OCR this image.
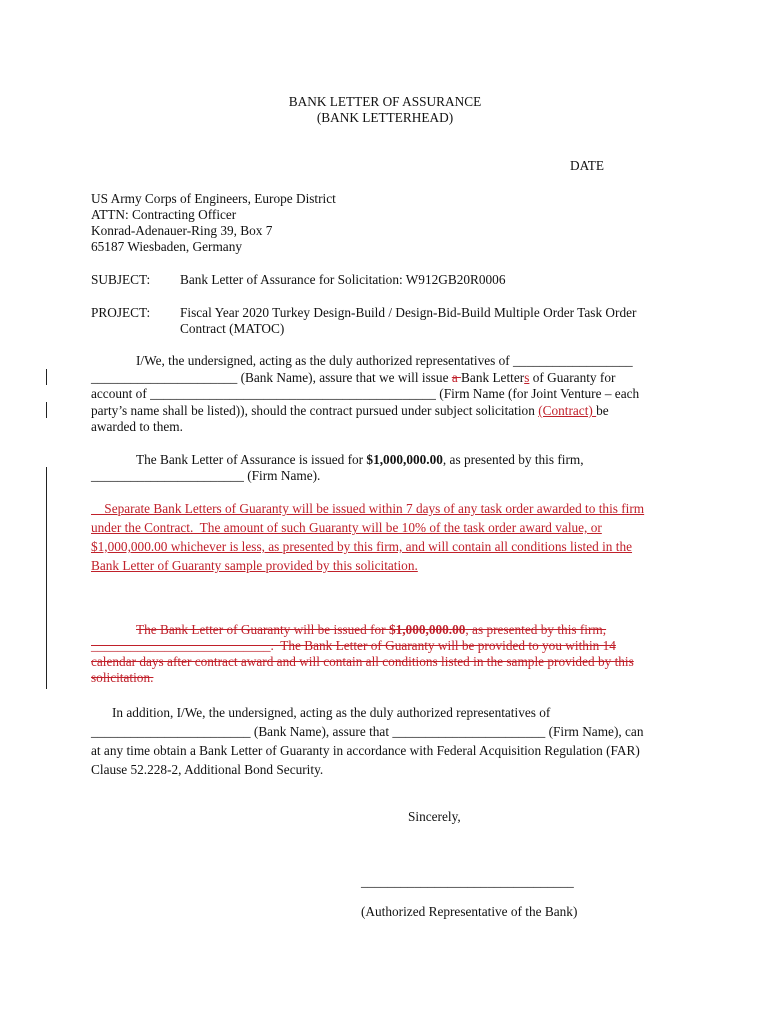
BANK LETTER OF ASSURANCE
(BANK LETTERHEAD)
DATE
US Army Corps of Engineers, Europe District
ATTN: Contracting Officer
Konrad-Adenauer-Ring 39, Box 7
65187 Wiesbaden, Germany
SUBJECT: Bank Letter of Assurance for Solicitation: W912GB20R0006
PROJECT: Fiscal Year 2020 Turkey Design-Build / Design-Bid-Build Multiple Order Task Order
Contract (MATOC)
I/We, the undersigned, acting as the duly authorized representatives of __________________
______________________ (Bank Name), assure that we will issue a Bank Letters of Guaranty for
account of ___________________________________________ (Firm Name (for Joint Venture – each
party’s name shall be listed)), should the contract pursued under subject solicitation (Contract) be
awarded to them.
The Bank Letter of Assurance is issued for $1,000,000.00, as presented by this firm,
_______________________ (Firm Name).
Separate Bank Letters of Guaranty will be issued within 7 days of any task order awarded to this firm
under the Contract.  The amount of such Guaranty will be 10% of the task order award value, or
$1,000,000.00 whichever is less, as presented by this firm, and will contain all conditions listed in the
Bank Letter of Guaranty sample provided by this solicitation.
The Bank Letter of Guaranty will be issued for $1,000,000.00, as presented by this firm,
___________________________.  The Bank Letter of Guaranty will be provided to you within 14
calendar days after contract award and will contain all conditions listed in the sample provided by this
solicitation.
In addition, I/We, the undersigned, acting as the duly authorized representatives of
________________________ (Bank Name), assure that _______________________ (Firm Name), can
at any time obtain a Bank Letter of Guaranty in accordance with Federal Acquisition Regulation (FAR)
Clause 52.228-2, Additional Bond Security.
Sincerely,
________________________________
(Authorized Representative of the Bank)
